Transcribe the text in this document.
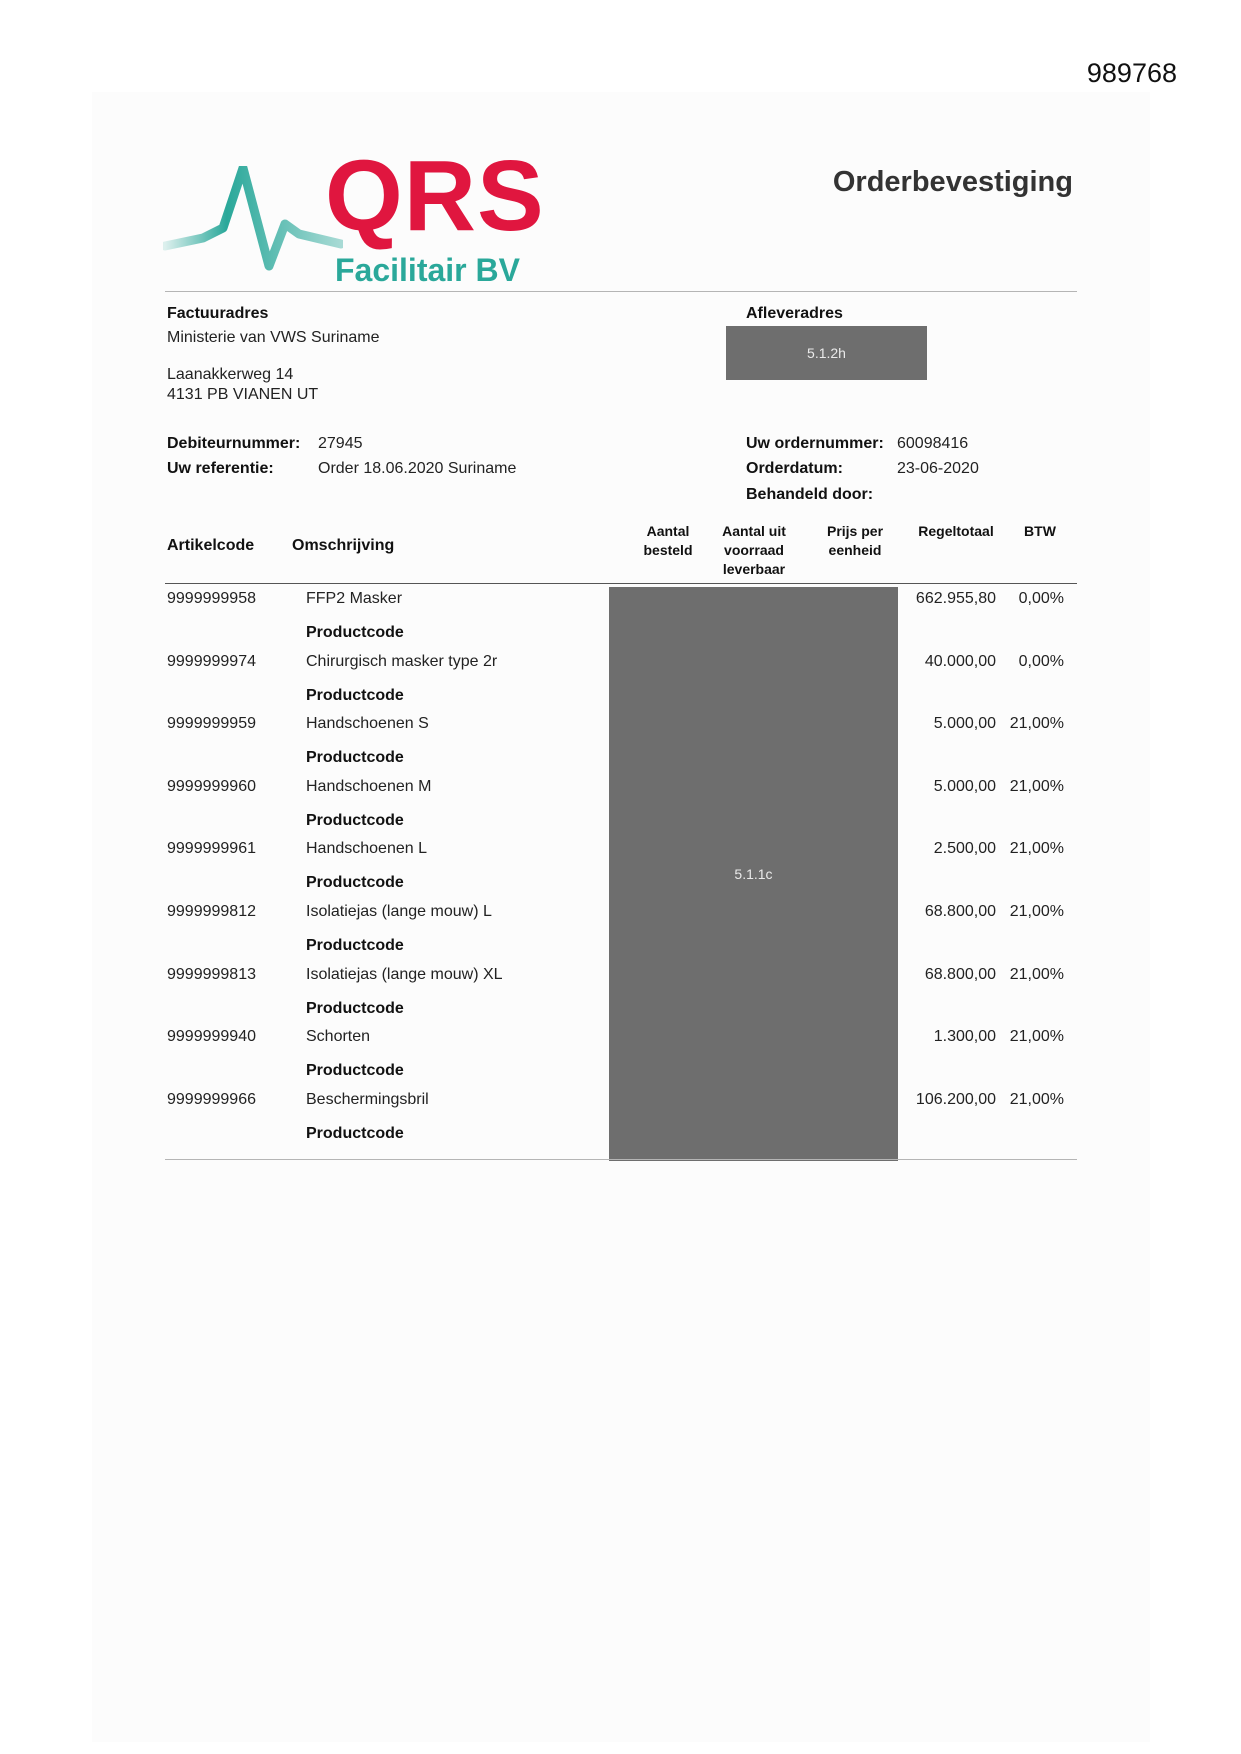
989768
QRS
Facilitair BV
Orderbevestiging
Factuuradres
Ministerie van VWS Suriname
Laanakkerweg 14
4131 PB VIANEN UT
Afleveradres
5.1.2h
Debiteurnummer: 27945
Uw referentie:	Order 18.06.2020 Suriname
Uw ordernummer: 60098416
Orderdatum:	23-06-2020
Behandeld door:
Artikelcode Omschrijving
Aantal
besteld
Aantal uit
voorraad
leverbaar
Prijs per
eenheid
Regeltotaal	BTW
5.1.1c
9999999958	FFP2 Masker	662.955,80	0,00%
Productcode
9999999974	Chirurgisch masker type 2r	40.000,00	0,00%
Productcode
9999999959	Handschoenen S	5.000,00 21,00%
Productcode
9999999960	Handschoenen M	5.000,00 21,00%
Productcode
9999999961	Handschoenen L	2.500,00 21,00%
Productcode
9999999812	Isolatiejas (lange mouw) L	68.800,00 21,00%
Productcode
9999999813	Isolatiejas (lange mouw) XL	68.800,00 21,00%
Productcode
9999999940	Schorten	1.300,00 21,00%
Productcode
9999999966	Beschermingsbril	106.200,00 21,00%
Productcode
